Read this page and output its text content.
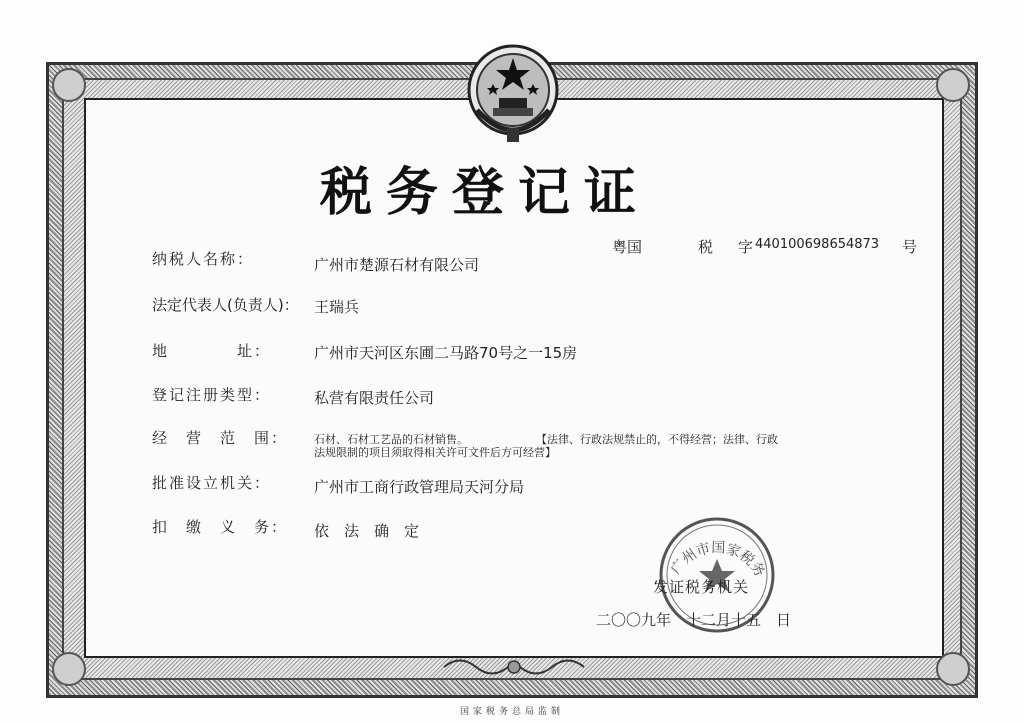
税务登记证
粤国	税 字 440100698654873 号
纳税人名称：	广州市楚源石材有限公司
法定代表人(负责人)： 王瑞兵
地　　　　址：	广州市天河区东圃二马路70号之一15房
登记注册类型：	私营有限责任公司
经　营　范　围： 石材、石材工艺品的石材销售。	【法律、行政法规禁止的，不得经营；法律、行政
法规限制的项目须取得相关许可文件后方可经营】
批准设立机关：	广州市工商行政管理局天河分局
扣　缴　义　务： 依　法　确　定
广州市国家税务
发证税务机关
二〇〇九年　十二月十五　日
国家税务总局监制
